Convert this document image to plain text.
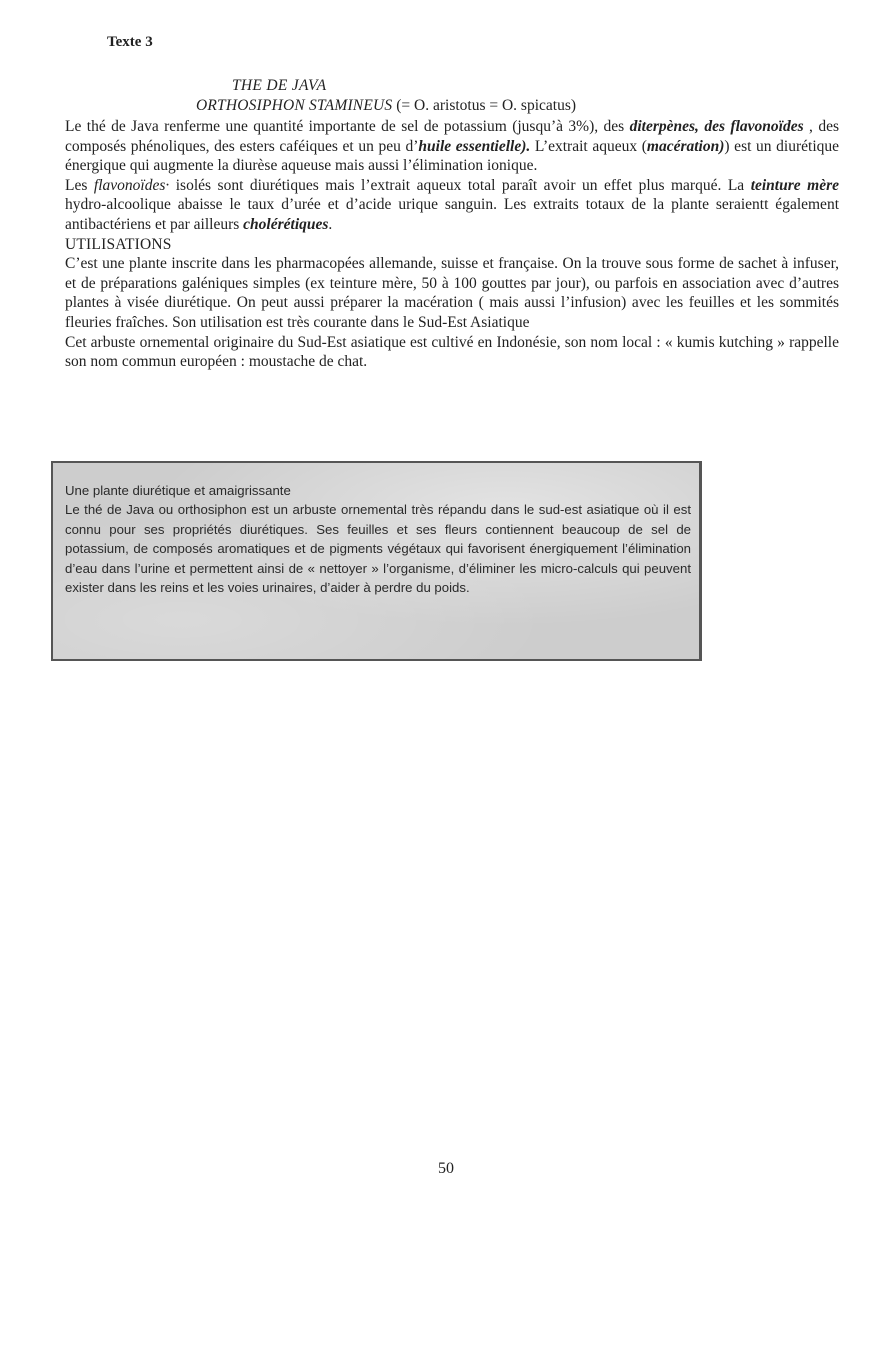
Texte 3
THE DE JAVA
ORTHOSIPHON STAMINEUS (= O. aristotus = O. spicatus)

Le thé de Java renferme une quantité importante de sel de potassium (jusqu’à 3%), des diterpènes, des flavonoïdes , des composés phénoliques, des esters caféiques et un peu d’huile essentielle). L’extrait aqueux (macération)) est un diurétique énergique qui augmente la diurèse aqueuse mais aussi l’élimination ionique.

Les flavonoïdes· isolés sont diurétiques mais l’extrait aqueux total paraît avoir un effet plus marqué. La teinture mère hydro-alcoolique abaisse le taux d’urée et d’acide urique sanguin. Les extraits totaux de la plante seraientt également antibactériens et par ailleurs cholérétiques.

UTILISATIONS

C’est une plante inscrite dans les pharmacopées allemande, suisse et française. On la trouve sous forme de sachet à infuser, et de préparations galéniques simples (ex teinture mère, 50 à 100 gouttes par jour), ou parfois en association avec d’autres plantes à visée diurétique. On peut aussi préparer la macération ( mais aussi l’infusion) avec les feuilles et les sommités fleuries fraîches. Son utilisation est très courante dans le Sud-Est Asiatique

Cet arbuste ornemental originaire du Sud-Est asiatique est cultivé en Indonésie, son nom local : « kumis kutching » rappelle son nom commun européen : moustache de chat.

Une plante diurétique et amaigrissante

Le thé de Java ou orthosiphon est un arbuste ornemental très répandu dans le sud-est asiatique où il est connu pour ses propriétés diurétiques. Ses feuilles et ses fleurs contiennent beaucoup de sel de potassium, de composés aromatiques et de pigments végétaux qui favorisent énergiquement l’élimination d’eau dans l’urine et permettent ainsi de « nettoyer » l’organisme, d’éliminer les micro-calculs qui peuvent exister dans les reins et les voies urinaires, d’aider à perdre du poids.

50
